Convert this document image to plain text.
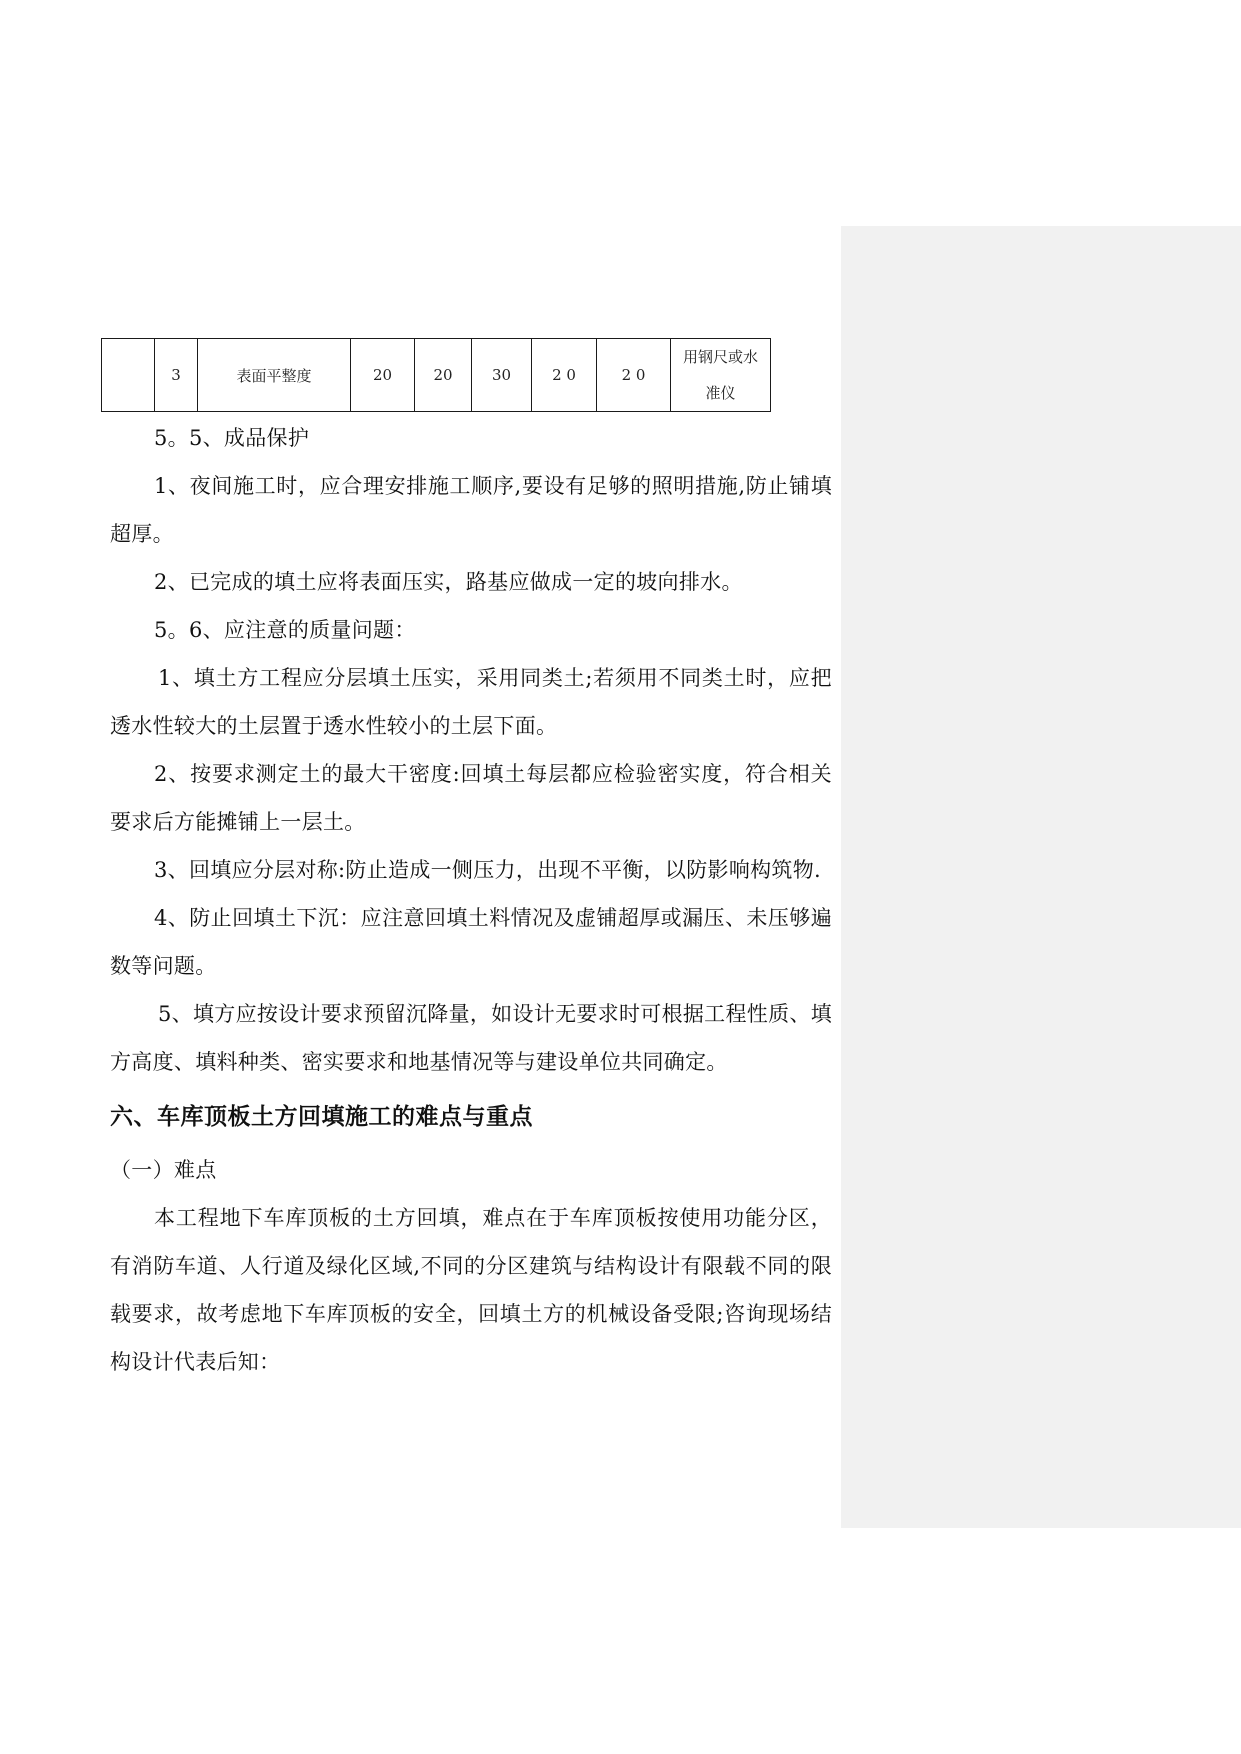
	3	表面平整度	20	20	30	2 0	2 0	用钢尺或水准仪

5。5、成品保护

1、夜间施工时，应合理安排施工顺序,要设有足够的照明措施,防止铺填超厚。

2、已完成的填土应将表面压实，路基应做成一定的坡向排水。

5。6、应注意的质量问题：

1、填土方工程应分层填土压实，采用同类土;若须用不同类土时，应把透水性较大的土层置于透水性较小的土层下面。

2、按要求测定土的最大干密度:回填土每层都应检验密实度，符合相关要求后方能摊铺上一层土。

3、回填应分层对称:防止造成一侧压力，出现不平衡，以防影响构筑物.

4、防止回填土下沉：应注意回填土料情况及虚铺超厚或漏压、未压够遍数等问题。

5、填方应按设计要求预留沉降量，如设计无要求时可根据工程性质、填方高度、填料种类、密实要求和地基情况等与建设单位共同确定。

六、车库顶板土方回填施工的难点与重点

（一）难点

本工程地下车库顶板的土方回填，难点在于车库顶板按使用功能分区，有消防车道、人行道及绿化区域,不同的分区建筑与结构设计有限载不同的限载要求，故考虑地下车库顶板的安全，回填土方的机械设备受限;咨询现场结构设计代表后知：
